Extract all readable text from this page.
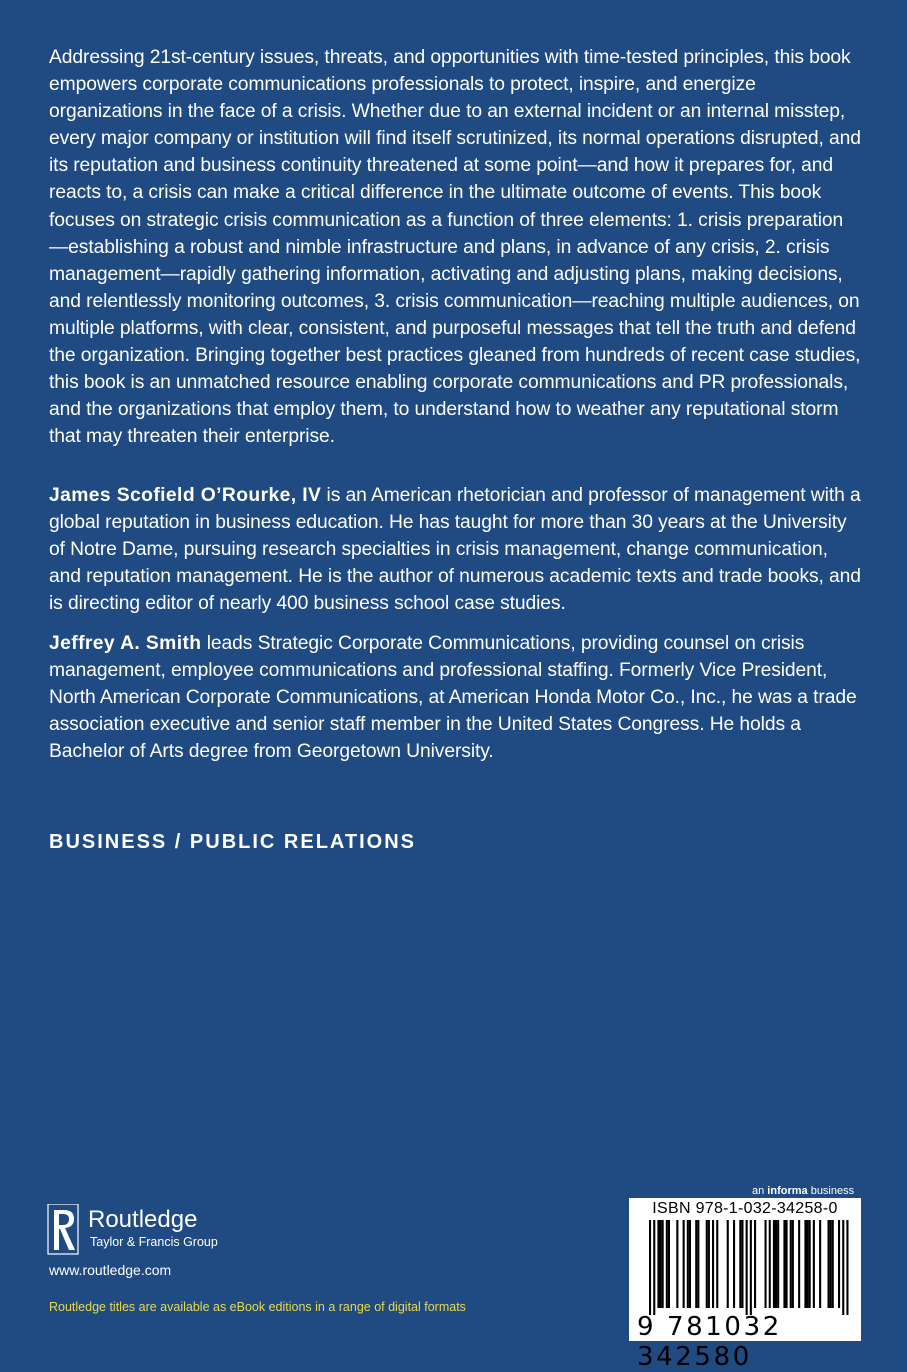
Addressing 21st-century issues, threats, and opportunities with time-tested principles, this book empowers corporate communications professionals to protect, inspire, and energize organizations in the face of a crisis. Whether due to an external incident or an internal misstep, every major company or institution will find itself scrutinized, its normal operations disrupted, and its reputation and business continuity threatened at some point—and how it prepares for, and reacts to, a crisis can make a critical difference in the ultimate outcome of events. This book focuses on strategic crisis communication as a function of three elements: 1. crisis preparation—establishing a robust and nimble infrastructure and plans, in advance of any crisis, 2. crisis management—rapidly gathering information, activating and adjusting plans, making decisions, and relentlessly monitoring outcomes, 3. crisis communication—reaching multiple audiences, on multiple platforms, with clear, consistent, and purposeful messages that tell the truth and defend the organization. Bringing together best practices gleaned from hundreds of recent case studies, this book is an unmatched resource enabling corporate communications and PR professionals, and the organizations that employ them, to understand how to weather any reputational storm that may threaten their enterprise.

James Scofield O’Rourke, IV is an American rhetorician and professor of management with a global reputation in business education. He has taught for more than 30 years at the University of Notre Dame, pursuing research specialties in crisis management, change communication, and reputation management. He is the author of numerous academic texts and trade books, and is directing editor of nearly 400 business school case studies.

Jeffrey A. Smith leads Strategic Corporate Communications, providing counsel on crisis management, employee communications and professional staffing. Formerly Vice President, North American Corporate Communications, at American Honda Motor Co., Inc., he was a trade association executive and senior staff member in the United States Congress. He holds a Bachelor of Arts degree from Georgetown University.

BUSINESS / PUBLIC RELATIONS
Routledge
Taylor & Francis Group
www.routledge.com
Routledge titles are available as eBook editions in a range of digital formats
an informa business
ISBN 978-1-032-34258-0
9 781032 342580
